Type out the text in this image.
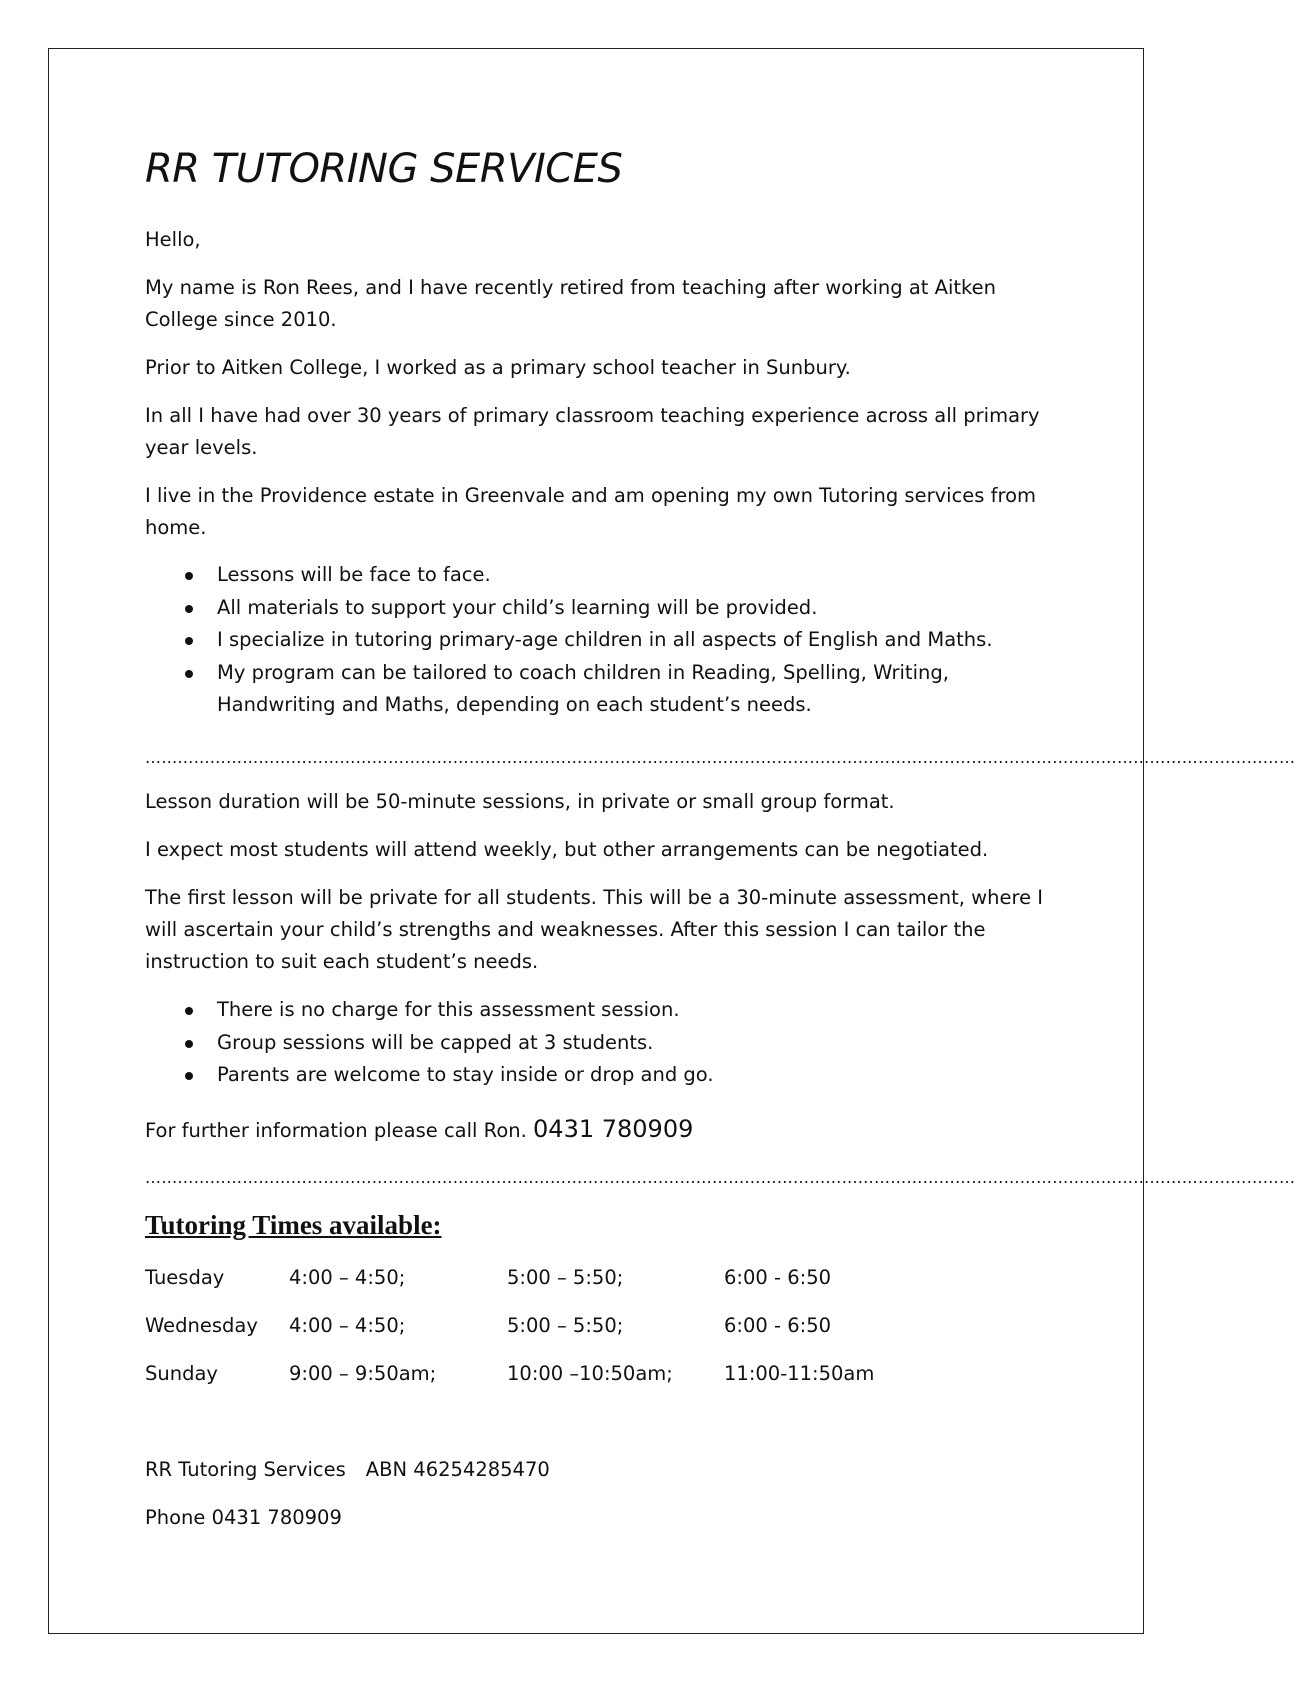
RR TUTORING SERVICES

Hello,

My name is Ron Rees, and I have recently retired from teaching after working at Aitken College since 2010.

Prior to Aitken College, I worked as a primary school teacher in Sunbury.

In all I have had over 30 years of primary classroom teaching experience across all primary year levels.

I live in the Providence estate in Greenvale and am opening my own Tutoring services from home.

Lessons will be face to face.
All materials to support your child’s learning will be provided.
I specialize in tutoring primary-age children in all aspects of English and Maths.
My program can be tailored to coach children in Reading, Spelling, Writing, Handwriting and Maths, depending on each student’s needs.
……………………………………………………………………………………………………………………………………………………………………………………………

Lesson duration will be 50-minute sessions, in private or small group format.

I expect most students will attend weekly, but other arrangements can be negotiated.

The first lesson will be private for all students. This will be a 30-minute assessment, where I will ascertain your child’s strengths and weaknesses. After this session I can tailor the instruction to suit each student’s needs.

There is no charge for this assessment session.
Group sessions will be capped at 3 students.
Parents are welcome to stay inside or drop and go.

For further information please call Ron. 0431 780909

……………………………………………………………………………………………………………………………………………………………………………………………
Tutoring Times available:
Tuesday	4:00 – 4:50;	5:00 – 5:50;	6:00 - 6:50
Wednesday 4:00 – 4:50;	5:00 – 5:50;	6:00 - 6:50
Sunday	9:00 – 9:50am;	10:00 –10:50am;	11:00-11:50am
RR Tutoring Services ABN 46254285470
Phone 0431 780909
